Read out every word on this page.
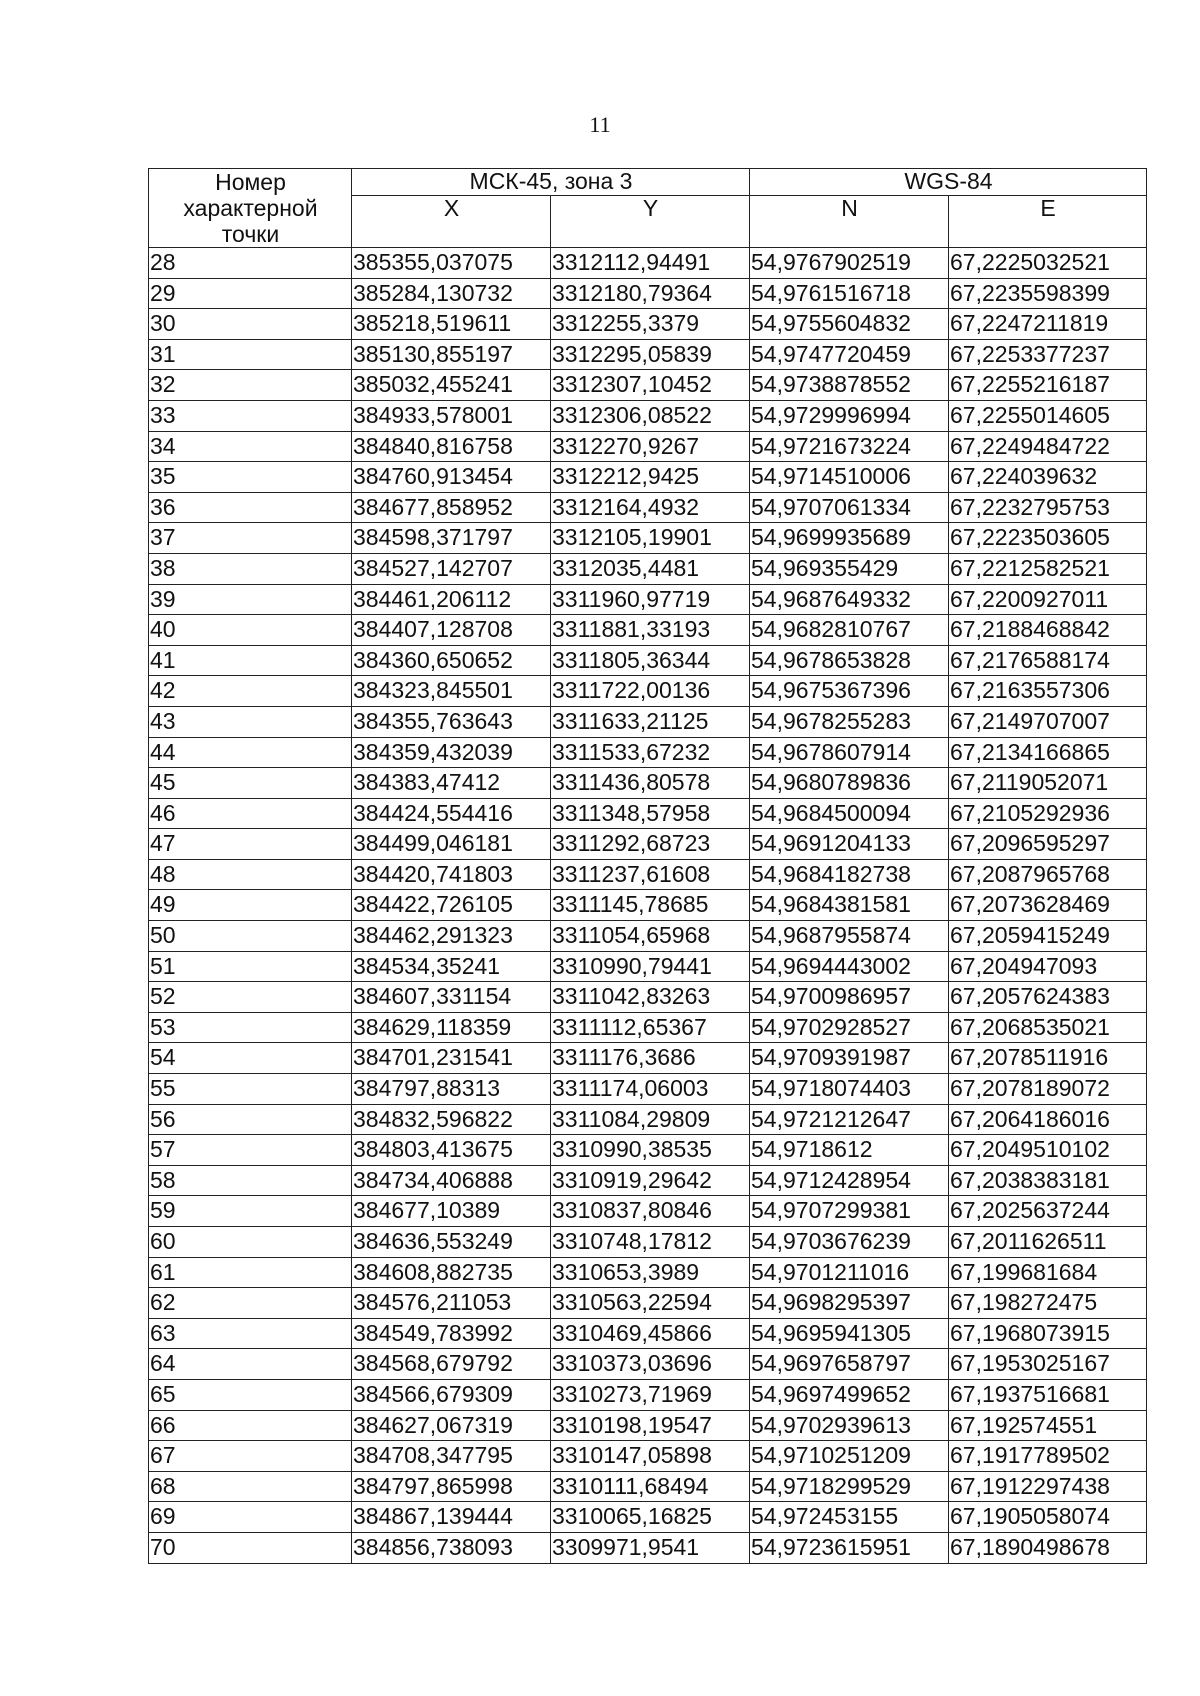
11
Номер
характерной
точки	МСК-45, зона 3		WGS-84	
	X	Y	N	E
28	385355,037075	3312112,94491	54,9767902519	67,2225032521
29	385284,130732	3312180,79364	54,9761516718	67,2235598399
30	385218,519611	3312255,3379	54,9755604832	67,2247211819
31	385130,855197	3312295,05839	54,9747720459	67,2253377237
32	385032,455241	3312307,10452	54,9738878552	67,2255216187
33	384933,578001	3312306,08522	54,9729996994	67,2255014605
34	384840,816758	3312270,9267	54,9721673224	67,2249484722
35	384760,913454	3312212,9425	54,9714510006	67,224039632
36	384677,858952	3312164,4932	54,9707061334	67,2232795753
37	384598,371797	3312105,19901	54,9699935689	67,2223503605
38	384527,142707	3312035,4481	54,969355429	67,2212582521
39	384461,206112	3311960,97719	54,9687649332	67,2200927011
40	384407,128708	3311881,33193	54,9682810767	67,2188468842
41	384360,650652	3311805,36344	54,9678653828	67,2176588174
42	384323,845501	3311722,00136	54,9675367396	67,2163557306
43	384355,763643	3311633,21125	54,9678255283	67,2149707007
44	384359,432039	3311533,67232	54,9678607914	67,2134166865
45	384383,47412	3311436,80578	54,9680789836	67,2119052071
46	384424,554416	3311348,57958	54,9684500094	67,2105292936
47	384499,046181	3311292,68723	54,9691204133	67,2096595297
48	384420,741803	3311237,61608	54,9684182738	67,2087965768
49	384422,726105	3311145,78685	54,9684381581	67,2073628469
50	384462,291323	3311054,65968	54,9687955874	67,2059415249
51	384534,35241	3310990,79441	54,9694443002	67,204947093
52	384607,331154	3311042,83263	54,9700986957	67,2057624383
53	384629,118359	3311112,65367	54,9702928527	67,2068535021
54	384701,231541	3311176,3686	54,9709391987	67,2078511916
55	384797,88313	3311174,06003	54,9718074403	67,2078189072
56	384832,596822	3311084,29809	54,9721212647	67,2064186016
57	384803,413675	3310990,38535	54,9718612	67,2049510102
58	384734,406888	3310919,29642	54,9712428954	67,2038383181
59	384677,10389	3310837,80846	54,9707299381	67,2025637244
60	384636,553249	3310748,17812	54,9703676239	67,2011626511
61	384608,882735	3310653,3989	54,9701211016	67,199681684
62	384576,211053	3310563,22594	54,9698295397	67,198272475
63	384549,783992	3310469,45866	54,9695941305	67,1968073915
64	384568,679792	3310373,03696	54,9697658797	67,1953025167
65	384566,679309	3310273,71969	54,9697499652	67,1937516681
66	384627,067319	3310198,19547	54,9702939613	67,192574551
67	384708,347795	3310147,05898	54,9710251209	67,1917789502
68	384797,865998	3310111,68494	54,9718299529	67,1912297438
69	384867,139444	3310065,16825	54,972453155	67,1905058074
70	384856,738093	3309971,9541	54,9723615951	67,1890498678
